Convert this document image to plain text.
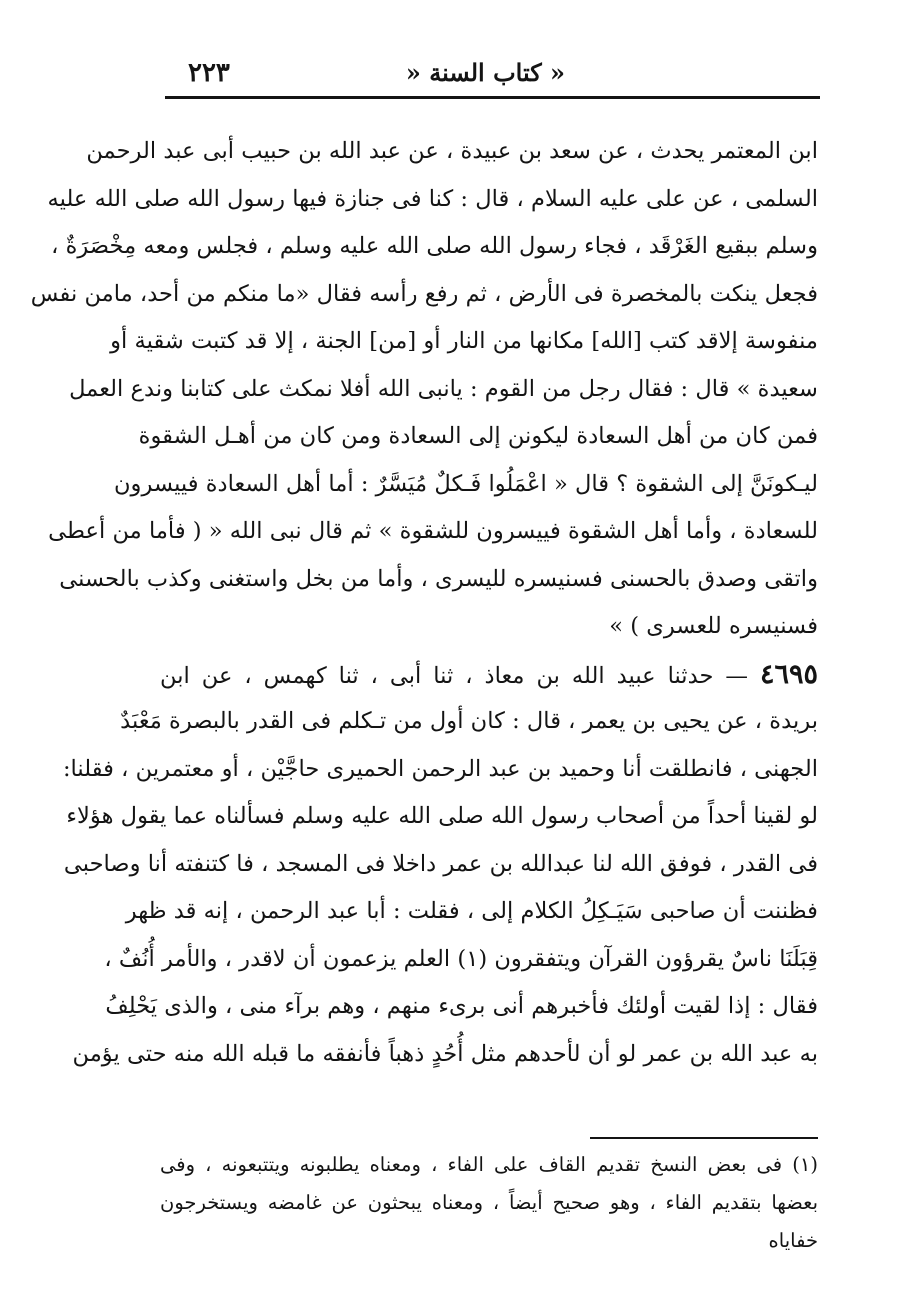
« كتاب السنة «
٢٢٣
ابن المعتمر يحدث ، عن سعد بن عبيدة ، عن عبد الله بن حبيب أبى عبد الرحمن
السلمى ، عن على عليه السلام ، قال : كنا فى جنازة فيها رسول الله صلى الله عليه
وسلم ببقيع الغَرْقَد ، فجاء رسول الله صلى الله عليه وسلم ، فجلس ومعه مِخْصَرَةٌ ،
فجعل ينكت بالمخصرة فى الأرض ، ثم رفع رأسه فقال «ما منكم من أحد، مامن نفس
منفوسة إلاقد كتب [الله] مكانها من النار أو [من] الجنة ، إلا قد كتبت شقية أو
سعيدة » قال : فقال رجل من القوم : يانبى الله أفلا نمكث على كتابنا وندع العمل
فمن كان من أهل السعادة ليكونن إلى السعادة ومن كان من أهـل الشقوة
ليـكونَنَّ إلى الشقوة ؟ قال « اعْمَلُوا فَـكلٌ مُيَسَّرٌ : أما أهل السعادة فييسرون
للسعادة ، وأما أهل الشقوة فييسرون للشقوة » ثم قال نبى الله « ( فأما من أعطى
واتقى وصدق بالحسنى فسنيسره لليسرى ، وأما من بخل واستغنى وكذب بالحسنى
فسنيسره للعسرى ) »
٤٦٩٥ — حدثنا عبيد الله بن معاذ ، ثنا أبى ، ثنا كهمس ، عن ابن
بريدة ، عن يحيى بن يعمر ، قال : كان أول من تـكلم فى القدر بالبصرة مَعْبَدٌ
الجهنى ، فانطلقت أنا وحميد بن عبد الرحمن الحميرى حاجَّيْن ، أو معتمرين ، فقلنا:
لو لقينا أحداً من أصحاب رسول الله صلى الله عليه وسلم فسألناه عما يقول هؤلاء
فى القدر ، فوفق الله لنا عبدالله بن عمر داخلا فى المسجد ، فا كتنفته أنا وصاحبى
فظننت أن صاحبى سَيَـكِلُ الكلام إلى ، فقلت : أبا عبد الرحمن ، إنه قد ظهر
قِبَلَنَا ناسٌ يقرؤون القرآن ويتفقرون (١) العلم يزعمون أن لاقدر ، والأمر أُنُفٌ ،
فقال : إذا لقيت أولئك فأخبرهم أنى برىء منهم ، وهم برآء منى ، والذى يَحْلِفُ
به عبد الله بن عمر لو أن لأحدهم مثل أُحُدٍ ذهباً فأنفقه ما قبله الله منه حتى يؤمن
(١) فى بعض النسخ تقديم القاف على الفاء ، ومعناه يطلبونه ويتتبعونه ، وفى
بعضها بتقديم الفاء ، وهو صحيح أيضاً ، ومعناه يبحثون عن غامضه ويستخرجون
خفاياه
